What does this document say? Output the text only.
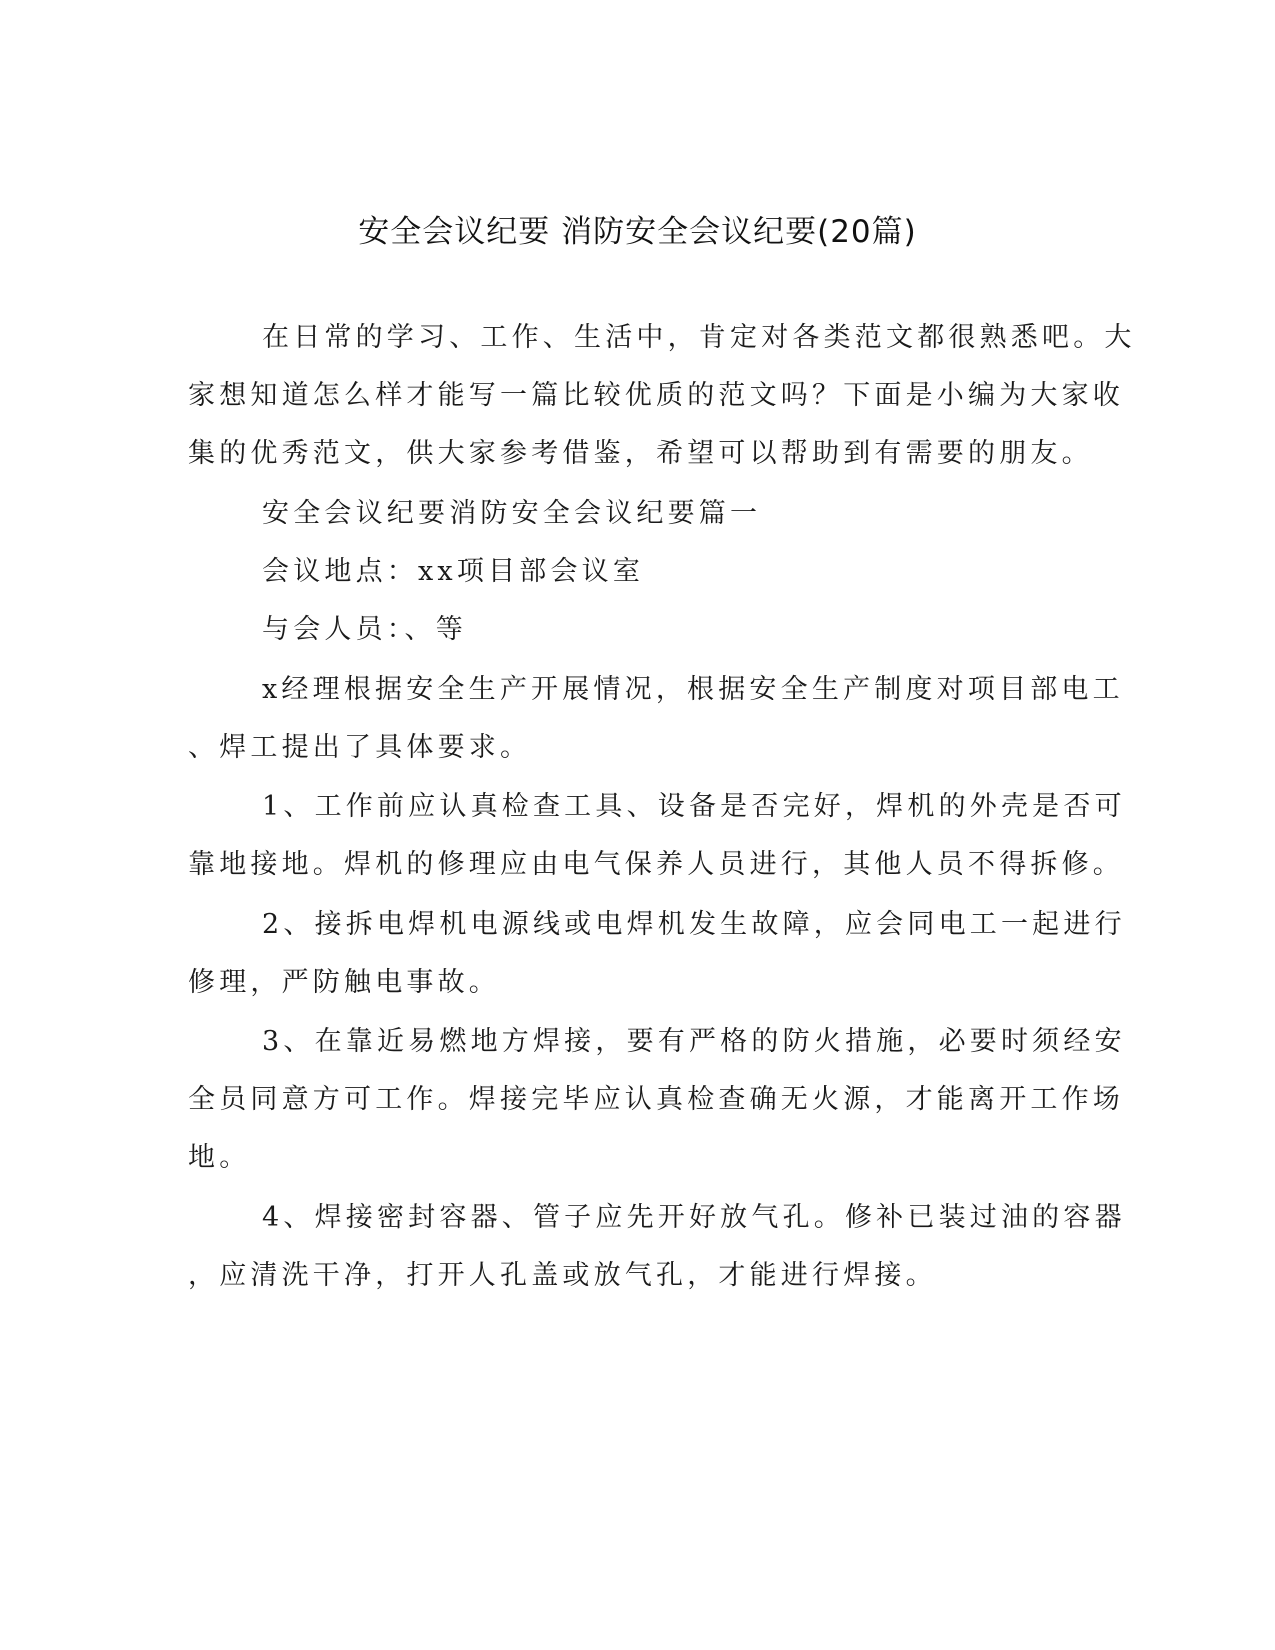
安全会议纪要 消防安全会议纪要(20篇)
在日常的学习、工作、生活中，肯定对各类范文都很熟悉吧。大
家想知道怎么样才能写一篇比较优质的范文吗？下面是小编为大家收
集的优秀范文，供大家参考借鉴，希望可以帮助到有需要的朋友。
安全会议纪要消防安全会议纪要篇一
会议地点：xx项目部会议室
与会人员：、等
x经理根据安全生产开展情况，根据安全生产制度对项目部电工
、焊工提出了具体要求。
1、工作前应认真检查工具、设备是否完好，焊机的外壳是否可
靠地接地。焊机的修理应由电气保养人员进行，其他人员不得拆修。
2、接拆电焊机电源线或电焊机发生故障，应会同电工一起进行
修理，严防触电事故。
3、在靠近易燃地方焊接，要有严格的防火措施，必要时须经安
全员同意方可工作。焊接完毕应认真检查确无火源，才能离开工作场
地。
4、焊接密封容器、管子应先开好放气孔。修补已装过油的容器
，应清洗干净，打开人孔盖或放气孔，才能进行焊接。
